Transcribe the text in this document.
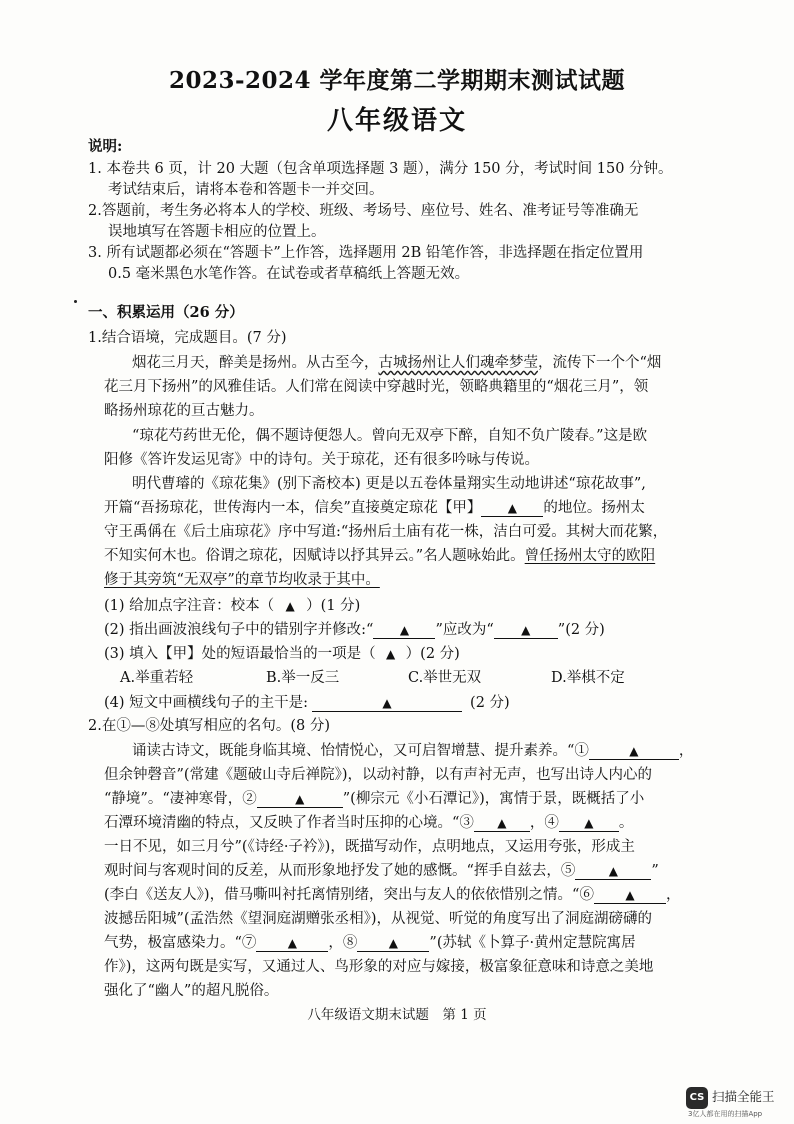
2023-2024 学年度第二学期期末测试试题
八年级语文
说明:
1. 本卷共 6 页，计 20 大题（包含单项选择题 3 题），满分 150 分，考试时间 150 分钟。
考试结束后，请将本卷和答题卡一并交回。
2.答题前，考生务必将本人的学校、班级、考场号、座位号、姓名、准考证号等准确无
误地填写在答题卡相应的位置上。
3. 所有试题都必须在“答题卡”上作答，选择题用 2B 铅笔作答，非选择题在指定位置用
0.5 毫米黑色水笔作答。在试卷或者草稿纸上答题无效。
一、积累运用（26 分）
1.结合语境，完成题目。(7 分)
烟花三月天，醉美是扬州。从古至今，古城扬州让人们魂牵梦莹，流传下一个个“烟
花三月下扬州”的风雅佳话。人们常在阅读中穿越时光，领略典籍里的“烟花三月”，领
略扬州琼花的亘古魅力。
“琼花芍药世无伦，偶不题诗便怨人。曾向无双亭下醉，自知不负广陵春。”这是欧
阳修《答许发运见寄》中的诗句。关于琼花，还有很多吟咏与传说。
明代曹璿的《琼花集》(别下斋校本) 更是以五卷体量翔实生动地讲述“琼花故事”,
开篇“吾扬琼花，世传海内一本，信矣”直接奠定琼花【甲】 ▲ 的地位。扬州太
守王禹偁在《后土庙琼花》序中写道:“扬州后土庙有花一株，洁白可爱。其树大而花繁，
不知实何木也。俗谓之琼花，因赋诗以抒其异云。”名人题咏始此。曾任扬州太守的欧阳
修于其旁筑“无双亭”的章节均收录于其中。
(1) 给加点字注音：校本（ ▲ ）(1 分)
(2) 指出画波浪线句子中的错别字并修改:“ ▲ ”应改为“ ▲ ”(2 分)
(3) 填入【甲】处的短语最恰当的一项是（ ▲ ）(2 分)
A.举重若轻	B.举一反三	C.举世无双	D.举棋不定
(4) 短文中画横线句子的主干是:	▲	(2 分)
2.在①—⑧处填写相应的名句。(8 分)
诵读古诗文，既能身临其境、怡情悦心，又可启智增慧、提升素养。“①	▲	，
但余钟磬音”(常建《题破山寺后禅院》)，以动衬静，以有声衬无声，也写出诗人内心的
“静境”。“凄神寒骨，②	▲	”(柳宗元《小石潭记》)，寓情于景，既概括了小
石潭环境清幽的特点，又反映了作者当时压抑的心境。“③ ▲ ，④ ▲ 。
一日不见，如三月兮”(《诗经·子衿》)，既描写动作，点明地点，又运用夸张，形成主
观时间与客观时间的反差，从而形象地抒发了她的感慨。“挥手自兹去，⑤	▲ ”
(李白《送友人》)，借马嘶叫衬托离情别绪，突出与友人的依依惜别之情。“⑥	▲ ，
波撼岳阳城”(孟浩然《望洞庭湖赠张丞相》)，从视觉、听觉的角度写出了洞庭湖磅礴的
气势，极富感染力。“⑦	▲ ，⑧	▲ ”(苏轼《卜算子·黄州定慧院寓居
作》)，这两句既是实写，又通过人、鸟形象的对应与嫁接，极富象征意味和诗意之美地
强化了“幽人”的超凡脱俗。
八年级语文期末试题　第 1 页
CS 扫描全能王
3亿人都在用的扫描App
